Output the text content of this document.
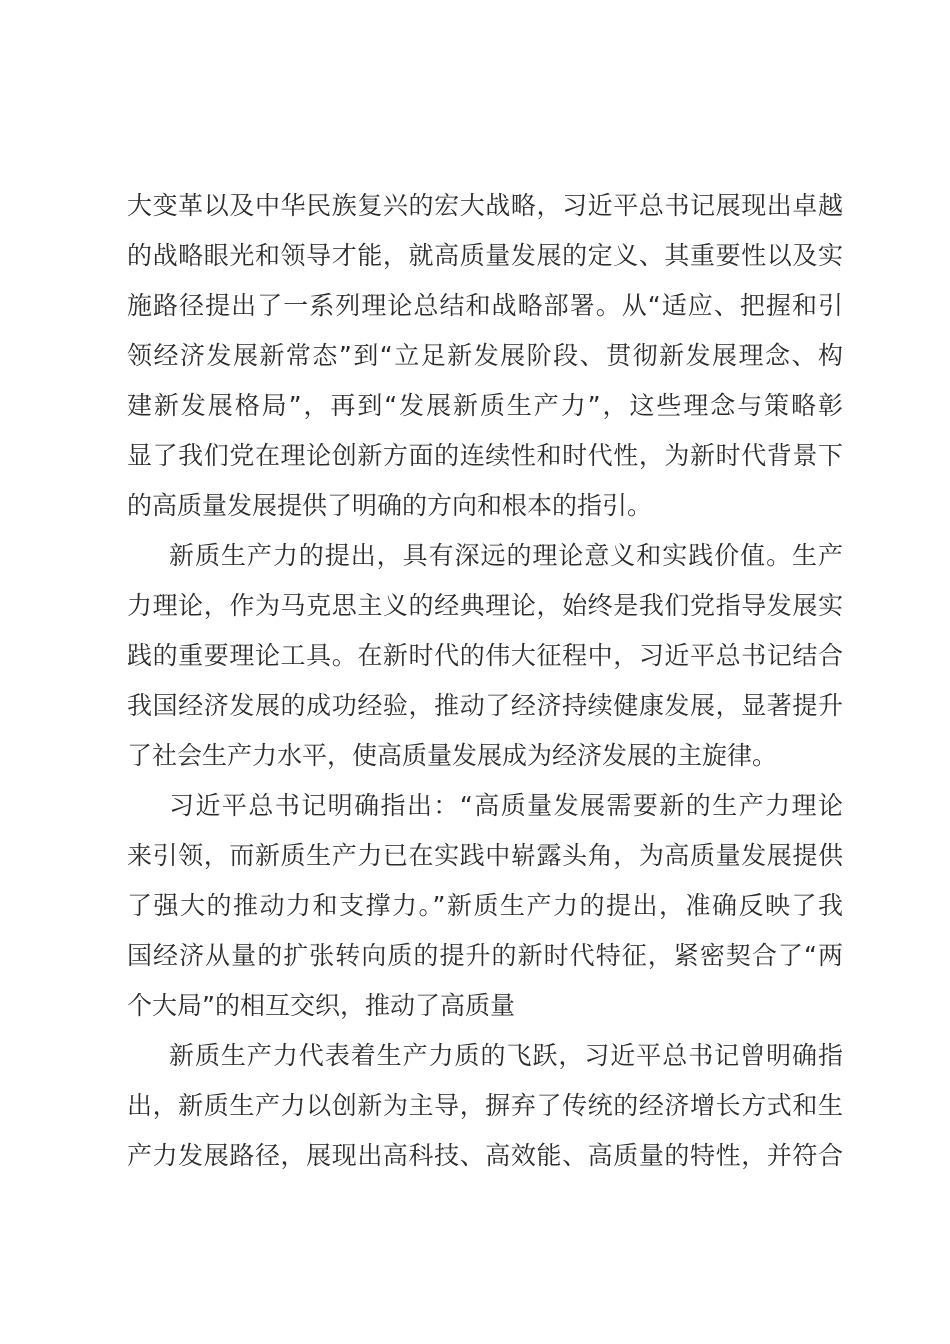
大变革以及中华民族复兴的宏大战略，习近平总书记展现出卓越
的战略眼光和领导才能，就高质量发展的定义、其重要性以及实
施路径提出了一系列理论总结和战略部署。从“适应、把握和引
领经济发展新常态”到“立足新发展阶段、贯彻新发展理念、构
建新发展格局”，再到“发展新质生产力”，这些理念与策略彰
显了我们党在理论创新方面的连续性和时代性，为新时代背景下
的高质量发展提供了明确的方向和根本的指引。
新质生产力的提出，具有深远的理论意义和实践价值。生产
力理论，作为马克思主义的经典理论，始终是我们党指导发展实
践的重要理论工具。在新时代的伟大征程中，习近平总书记结合
我国经济发展的成功经验，推动了经济持续健康发展，显著提升
了社会生产力水平，使高质量发展成为经济发展的主旋律。
习近平总书记明确指出：“高质量发展需要新的生产力理论
来引领，而新质生产力已在实践中崭露头角，为高质量发展提供
了强大的推动力和支撑力。”新质生产力的提出，准确反映了我
国经济从量的扩张转向质的提升的新时代特征，紧密契合了“两
个大局”的相互交织，推动了高质量
新质生产力代表着生产力质的飞跃，习近平总书记曾明确指
出，新质生产力以创新为主导，摒弃了传统的经济增长方式和生
产力发展路径，展现出高科技、高效能、高质量的特性，并符合
